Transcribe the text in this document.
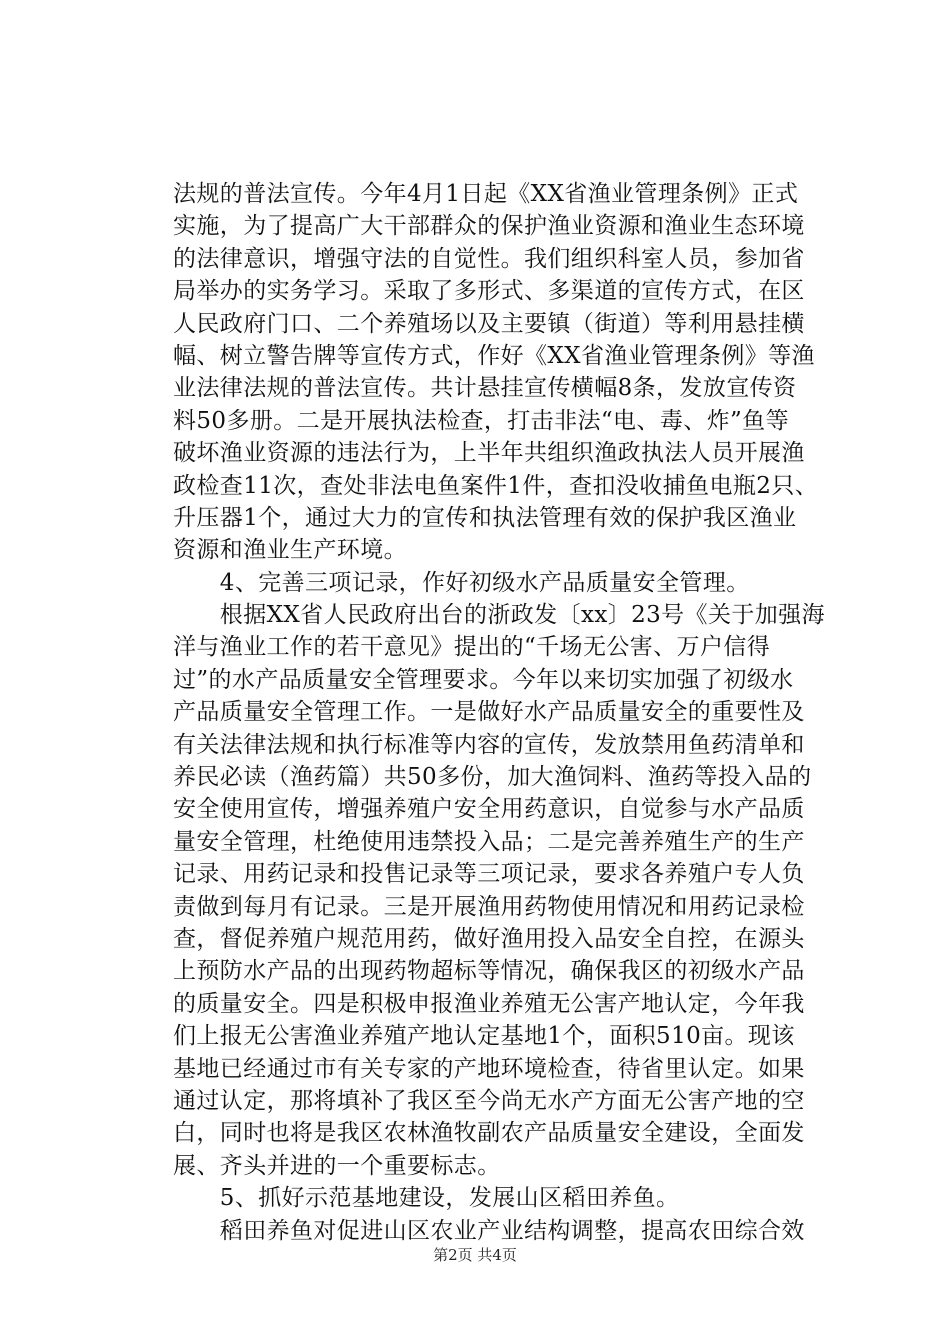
法规的普法宣传。今年4月1日起《XX省渔业管理条例》正式
实施，为了提高广大干部群众的保护渔业资源和渔业生态环境
的法律意识，增强守法的自觉性。我们组织科室人员，参加省
局举办的实务学习。采取了多形式、多渠道的宣传方式，在区
人民政府门口、二个养殖场以及主要镇（街道）等利用悬挂横
幅、树立警告牌等宣传方式，作好《XX省渔业管理条例》等渔
业法律法规的普法宣传。共计悬挂宣传横幅8条，发放宣传资
料50多册。二是开展执法检查，打击非法“电、毒、炸”鱼等
破坏渔业资源的违法行为，上半年共组织渔政执法人员开展渔
政检查11次，查处非法电鱼案件1件，查扣没收捕鱼电瓶2只、
升压器1个，通过大力的宣传和执法管理有效的保护我区渔业
资源和渔业生产环境。
　　4、完善三项记录，作好初级水产品质量安全管理。
　　根据XX省人民政府出台的浙政发〔xx〕23号《关于加强海
洋与渔业工作的若干意见》提出的“千场无公害、万户信得
过”的水产品质量安全管理要求。今年以来切实加强了初级水
产品质量安全管理工作。一是做好水产品质量安全的重要性及
有关法律法规和执行标准等内容的宣传，发放禁用鱼药清单和
养民必读（渔药篇）共50多份，加大渔饲料、渔药等投入品的
安全使用宣传，增强养殖户安全用药意识，自觉参与水产品质
量安全管理，杜绝使用违禁投入品；二是完善养殖生产的生产
记录、用药记录和投售记录等三项记录，要求各养殖户专人负
责做到每月有记录。三是开展渔用药物使用情况和用药记录检
查，督促养殖户规范用药，做好渔用投入品安全自控，在源头
上预防水产品的出现药物超标等情况，确保我区的初级水产品
的质量安全。四是积极申报渔业养殖无公害产地认定，今年我
们上报无公害渔业养殖产地认定基地1个，面积510亩。现该
基地已经通过市有关专家的产地环境检查，待省里认定。如果
通过认定，那将填补了我区至今尚无水产方面无公害产地的空
白，同时也将是我区农林渔牧副农产品质量安全建设，全面发
展、齐头并进的一个重要标志。
　　5、抓好示范基地建设，发展山区稻田养鱼。
　　稻田养鱼对促进山区农业产业结构调整，提高农田综合效
第2页 共4页
